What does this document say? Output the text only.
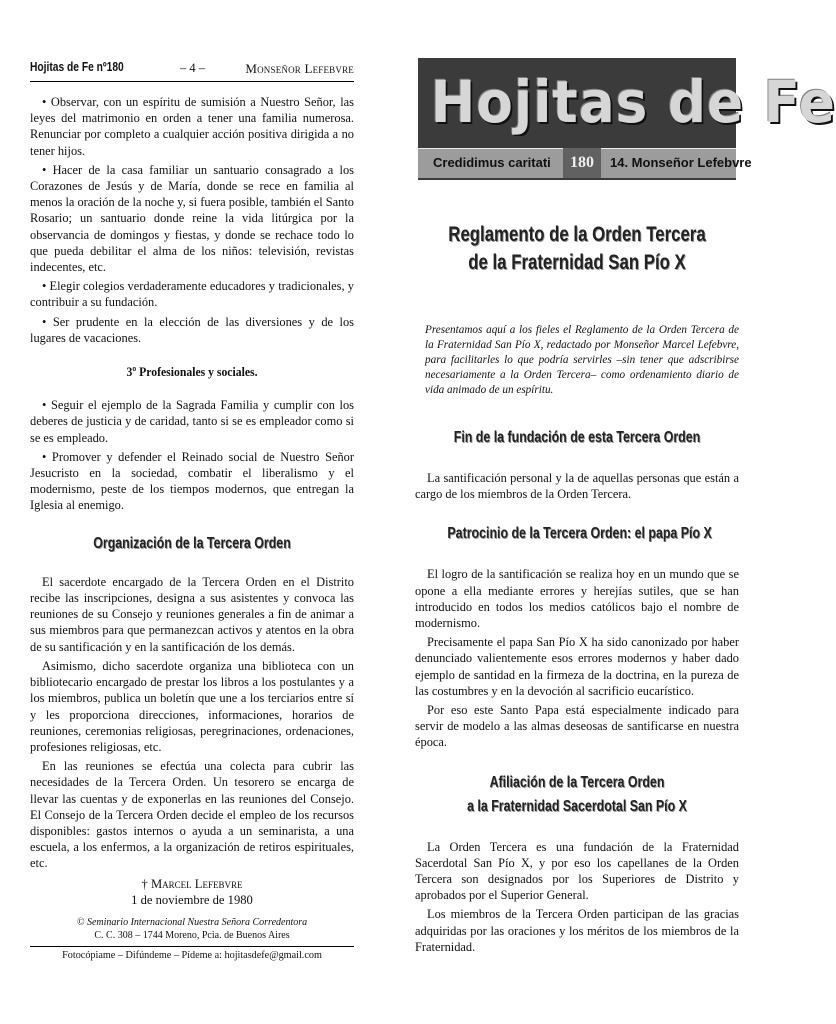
Hojitas de Fe nº180	– 4 –	Monseñor Lefebvre

• Observar, con un espíritu de sumisión a Nuestro Señor, las leyes del matrimonio en orden a tener una familia numerosa. Renunciar por completo a cualquier acción positiva dirigida a no tener hijos.

• Hacer de la casa familiar un santuario consagrado a los Corazones de Jesús y de María, donde se rece en familia al menos la oración de la noche y, si fuera posible, también el Santo Rosario; un santuario donde reine la vida litúrgica por la observancia de domingos y fiestas, y donde se rechace todo lo que pueda debilitar el alma de los niños: televisión, revistas indecentes, etc.

• Elegir colegios verdaderamente educadores y tradicionales, y contribuir a su fundación.

• Ser prudente en la elección de las diversiones y de los lugares de vacaciones.

3º Profesionales y sociales.

• Seguir el ejemplo de la Sagrada Familia y cumplir con los deberes de justicia y de caridad, tanto si se es empleador como si se es empleado.

• Promover y defender el Reinado social de Nuestro Señor Jesucristo en la sociedad, combatir el liberalismo y el modernismo, peste de los tiempos modernos, que entregan la Iglesia al enemigo.

Organización de la Tercera Orden

El sacerdote encargado de la Tercera Orden en el Distrito recibe las inscripciones, designa a sus asistentes y convoca las reuniones de su Consejo y reuniones generales a fin de animar a sus miembros para que permanezcan activos y atentos en la obra de su santificación y en la santificación de los demás.

Asimismo, dicho sacerdote organiza una biblioteca con un bibliotecario encargado de prestar los libros a los postulantes y a los miembros, publica un boletín que une a los terciarios entre sí y les proporciona direcciones, informaciones, horarios de reuniones, ceremonias religiosas, peregrinaciones, ordenaciones, profesiones religiosas, etc.

En las reuniones se efectúa una colecta para cubrir las necesidades de la Tercera Orden. Un tesorero se encarga de llevar las cuentas y de exponerlas en las reuniones del Consejo. El Consejo de la Tercera Orden decide el empleo de los recursos disponibles: gastos internos o ayuda a un seminarista, a una escuela, a los enfermos, a la organización de retiros espirituales, etc.

† Marcel Lefebvre
1 de noviembre de 1980
© Seminario Internacional Nuestra Señora Corredentora
C. C. 308 – 1744 Moreno, Pcia. de Buenos Aires
Fotocópiame – Difúndeme – Pídeme a: hojitasdefe@gmail.com
Hojitas de Fe
Credidimus caritati	180	14. Monseñor Lefebvre
Reglamento de la Orden Tercera
de la Fraternidad San Pío X

Presentamos aquí a los fieles el Reglamento de la Orden Tercera de la Fraternidad San Pío X, redactado por Monseñor Marcel Lefebvre, para facilitarles lo que podría servirles –sin tener que adscribirse necesariamente a la Orden Tercera– como ordenamiento diario de vida animado de un espíritu.

Fin de la fundación de esta Tercera Orden

La santificación personal y la de aquellas personas que están a cargo de los miembros de la Orden Tercera.

Patrocinio de la Tercera Orden: el papa Pío X

El logro de la santificación se realiza hoy en un mundo que se opone a ella mediante errores y herejías sutiles, que se han introducido en todos los medios católicos bajo el nombre de modernismo.

Precisamente el papa San Pío X ha sido canonizado por haber denunciado valientemente esos errores modernos y haber dado ejemplo de santidad en la firmeza de la doctrina, en la pureza de las costumbres y en la devoción al sacrificio eucarístico.

Por eso este Santo Papa está especialmente indicado para servir de modelo a las almas deseosas de santificarse en nuestra época.

Afiliación de la Tercera Orden
a la Fraternidad Sacerdotal San Pío X

La Orden Tercera es una fundación de la Fraternidad Sacerdotal San Pío X, y por eso los capellanes de la Orden Tercera son designados por los Superiores de Distrito y aprobados por el Superior General.

Los miembros de la Tercera Orden participan de las gracias adquiridas por las oraciones y los méritos de los miembros de la Fraternidad.
